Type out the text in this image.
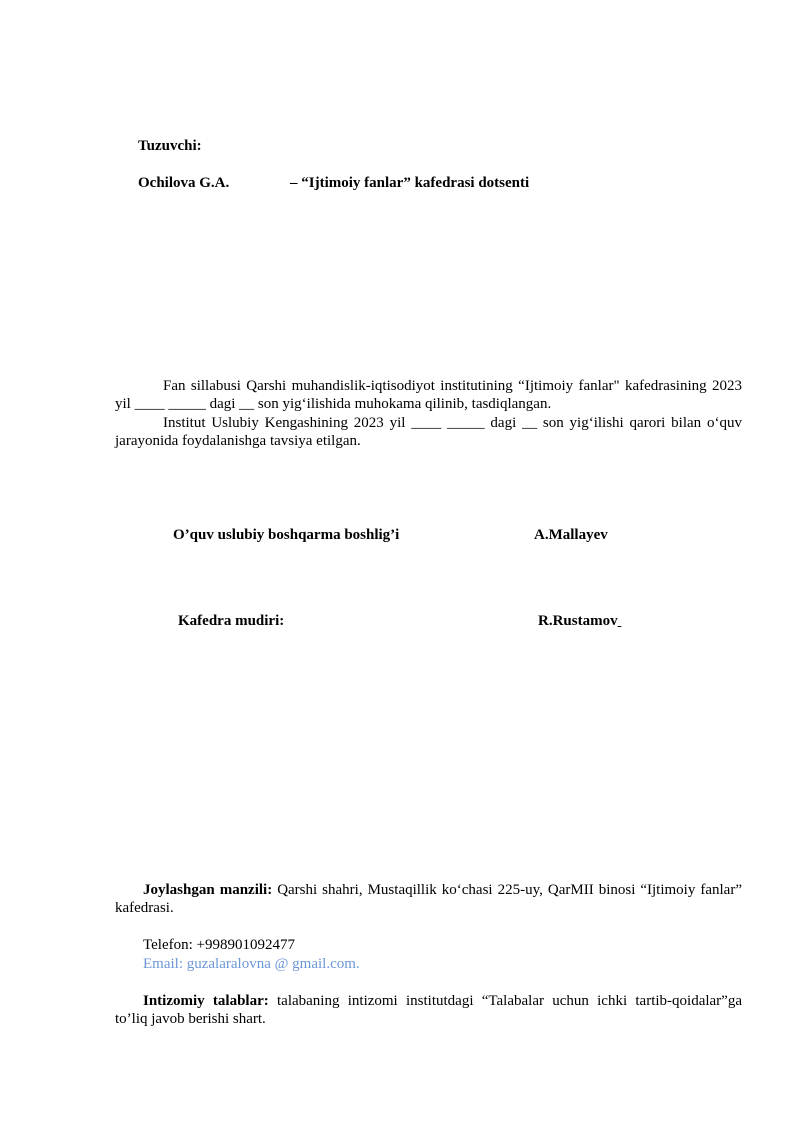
Tuzuvchi:

Ochilova G.A.	– “Ijtimoiy fanlar” kafedrasi dotsenti

Fan sillabusi Qarshi muhandislik-iqtisodiyot institutining “Ijtimoiy fanlar" kafedrasining 2023 yil ____ _____ dagi __ son yig‘ilishida muhokama qilinib, tasdiqlangan.

Institut Uslubiy Kengashining 2023 yil ____ _____ dagi __ son yig‘ilishi qarori bilan o‘quv jarayonida foydalanishga tavsiya etilgan.

O’quv uslubiy boshqarma boshlig’i	A.Mallayev

Kafedra mudiri:	R.Rustamov

Joylashgan manzili: Qarshi shahri, Mustaqillik ko‘chasi 225-uy, QarMII binosi “Ijtimoiy fanlar” kafedrasi.

Telefon: +998901092477

Email: guzalaralovna @ gmail.com.

Intizomiy talablar: talabaning intizomi institutdagi “Talabalar uchun ichki tartib-qoidalar”ga to’liq javob berishi shart.
